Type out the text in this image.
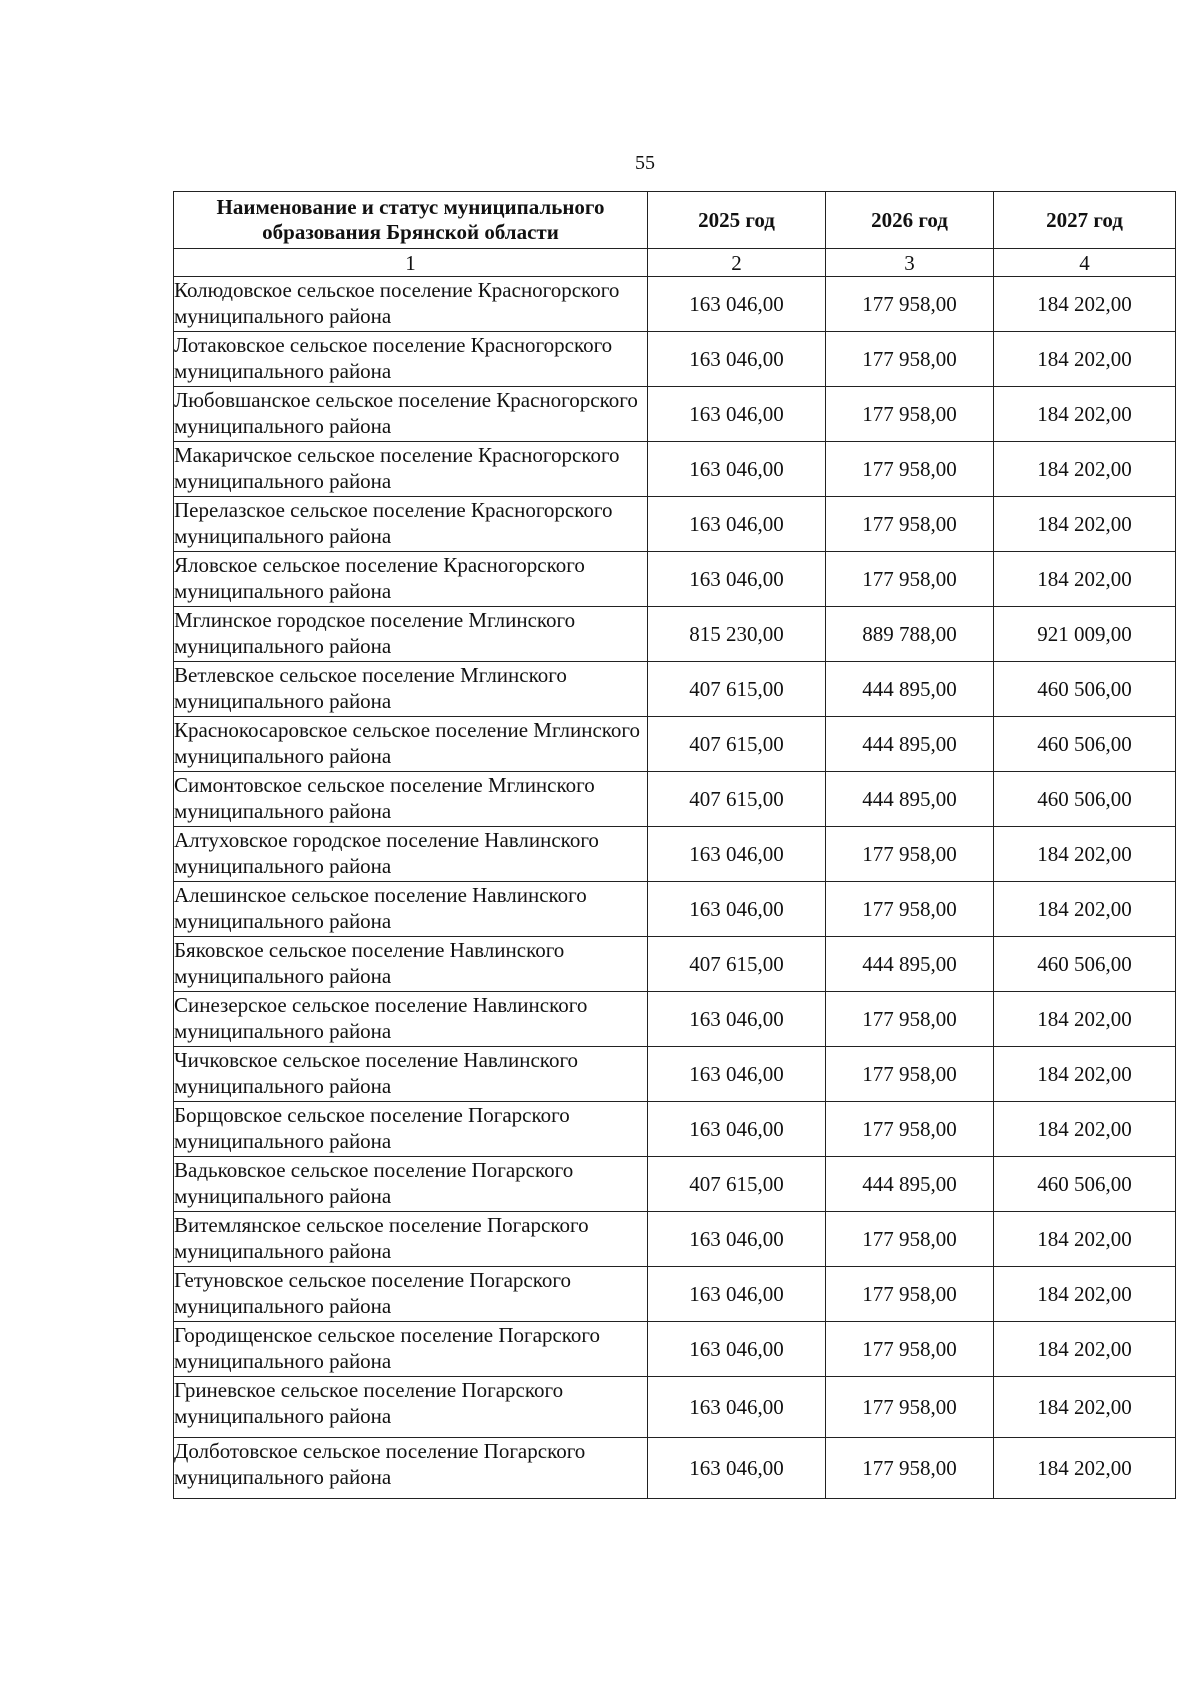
55
Наименование и статус муниципального образования Брянской области	2025 год	2026 год	2027 год
1	2	3	4
Колюдовское сельское поселение Красногорского муниципального района	163 046,00	177 958,00	184 202,00
Лотаковское сельское поселение Красногорского муниципального района	163 046,00	177 958,00	184 202,00
Любовшанское сельское поселение Красногорского муниципального района	163 046,00	177 958,00	184 202,00
Макаричское сельское поселение Красногорского муниципального района	163 046,00	177 958,00	184 202,00
Перелазское сельское поселение Красногорского муниципального района	163 046,00	177 958,00	184 202,00
Яловское сельское поселение Красногорского муниципального района	163 046,00	177 958,00	184 202,00
Мглинское городское поселение Мглинского муниципального района	815 230,00	889 788,00	921 009,00
Ветлевское сельское поселение Мглинского муниципального района	407 615,00	444 895,00	460 506,00
Краснокосаровское сельское поселение Мглинского муниципального района	407 615,00	444 895,00	460 506,00
Симонтовское сельское поселение Мглинского муниципального района	407 615,00	444 895,00	460 506,00
Алтуховское городское поселение Навлинского муниципального района	163 046,00	177 958,00	184 202,00
Алешинское сельское поселение Навлинского муниципального района	163 046,00	177 958,00	184 202,00
Бяковское сельское поселение Навлинского муниципального района	407 615,00	444 895,00	460 506,00
Синезерское сельское поселение Навлинского муниципального района	163 046,00	177 958,00	184 202,00
Чичковское сельское поселение Навлинского муниципального района	163 046,00	177 958,00	184 202,00
Борщовское сельское поселение Погарского муниципального района	163 046,00	177 958,00	184 202,00
Вадьковское сельское поселение Погарского муниципального района	407 615,00	444 895,00	460 506,00
Витемлянское сельское поселение Погарского муниципального района	163 046,00	177 958,00	184 202,00
Гетуновское сельское поселение Погарского муниципального района	163 046,00	177 958,00	184 202,00
Городищенское сельское поселение Погарского муниципального района	163 046,00	177 958,00	184 202,00
Гриневское сельское поселение Погарского муниципального района	163 046,00	177 958,00	184 202,00
Долботовское сельское поселение Погарского муниципального района	163 046,00	177 958,00	184 202,00
